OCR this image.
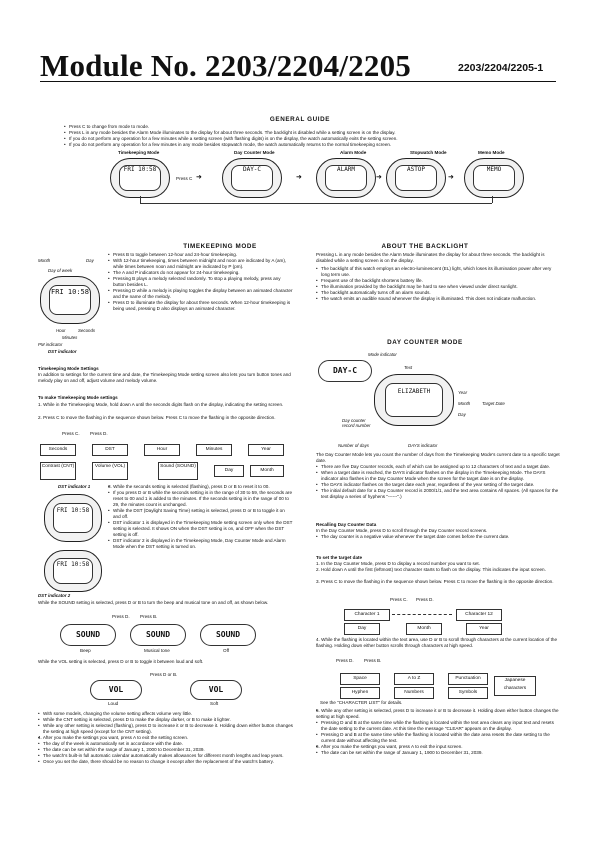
Module No. 2203/2204/2205	2203/2204/2205-1
GENERAL GUIDE
• Press C to change from mode to mode.
• Press L in any mode besides the Alarm Mode illuminates to the display for about three seconds. The backlight is disabled while a setting screen is on the display.
• If you do not perform any operation for a few minutes while a setting screen (with flashing digits) is on the display, the watch automatically exits the setting screen.
• If you do not perform any operation for a few minutes in any mode besides stopwatch mode, the watch automatically returns to the normal timekeeping screen.
Timekeeping Mode	Day Counter Mode	Alarm Mode	Stopwatch Mode	Memo Mode
FRI 10:58
Press C ➜
DAY-C
➜
ALARM
➜
ASTOP
➜
MEMO
TIMEKEEPING MODE
Month	Day
Day of week
FRI 10:58
Hour	Seconds
Minutes
PM indicator
DST indicator
• Press B to toggle between 12-hour and 24-hour timekeeping.
• With 12-hour timekeeping, times between midnight and noon are indicated by A (am), while times between noon and midnight are indicated by P (pm).
• The A and P indicators do not appear for 24-hour timekeeping.
• Pressing B plays a melody selected randomly. To stop a playing melody, press any button besides L.
• Pressing D while a melody is playing toggles the display between an animated character and the name of the melody.
• Press D to illuminate the display for about three seconds. When 12-hour timekeeping is being used, pressing D also displays an animated character.
Timekeeping Mode Settings
In addition to settings for the current time and date, the Timekeeping Mode setting screen also lets you turn button tones and melody play on and off, adjust volume and melody volume.
To make Timekeeping Mode settings
1. While in the Timekeeping Mode, hold down A until the seconds digits flash on the display, indicating the setting screen.
2. Press C to move the flashing in the sequence shown below. Press C to move the flashing in the opposite direction.
Press C. Press D.
Seconds	DST	Hour	Minutes	Year
Contrast (CNT)	Volume (VOL)	Sound (SOUND)
Day	Month
DST indicator 1
FRI 10:58
FRI 10:58
DST indicator 2
• 3. While the seconds setting is selected (flashing), press D or B to reset it to 00.
• If you press D or B while the seconds setting is in the range of 30 to 59, the seconds are reset to 00 and 1 is added to the minutes. If the seconds setting is in the range of 00 to 29, the minutes count is unchanged.
• While the DST (Daylight Saving Time) setting is selected, press D or B to toggle it on and off.
• DST indicator 1 is displayed in the Timekeeping Mode setting screen only when the DST setting is selected. It shows ON when the DST setting is on, and OFF when the DST setting is off.
• DST indicator 2 is displayed in the Timekeeping Mode, Day Counter Mode and Alarm Mode when the DST setting is turned on.
While the SOUND setting is selected, press D or B to turn the beep and musical tone on and off, as shown below.
Press D. Press B.
SOUND	SOUND	SOUND
Beep	Musical tone	Off
While the VOL setting is selected, press D or B to toggle it between loud and soft.
Press D or B.
VOL	VOL
Loud	Soft
• With some models, changing the volume setting affects volume very little.
• While the CNT setting is selected, press D to make the display darker, or B to make it lighter.
• While any other setting is selected (flashing), press D to increase it or B to decrease it. Holding down either button changes the setting at high speed (except for the CNT setting).
• 4. After you make the settings you want, press A to exit the setting screen.
• The day of the week is automatically set in accordance with the date.
• The date can be set within the range of January 1, 2000 to December 31, 2039.
• The watch's built-in full automatic calendar automatically makes allowances for different month lengths and leap years.
• Once you set the date, there should be no reason to change it except after the replacement of the watch's battery.
ABOUT THE BACKLIGHT
Pressing L in any mode besides the Alarm Mode illuminates the display for about three seconds. The backlight is disabled while a setting screen is on the display.
• The backlight of this watch employs an electro-luminescent (EL) light, which loses its illumination power after very long term use.
• Frequent use of the backlight shortens battery life.
• The illumination provided by the backlight may be hard to see when viewed under direct sunlight.
• The backlight automatically turns off an alarm sounds.
• The watch emits an audible sound whenever the display is illuminated. This does not indicate malfunction.
DAY COUNTER MODE
Mode indicator
DAY-C	Text
ELIZABETH	Year
Month
Day
Target Date
Day counter record number
Number of days	DAYS indicator
The Day Counter Mode lets you count the number of days from the Timekeeping Mode's current date to a specific target date.
• There are five Day Counter records, each of which can be assigned up to 12 characters of text and a target date.
• When a target date is reached, the DAYS indicator flashes on the display in the Timekeeping Mode. The DAYS indicator also flashes in the Day Counter Mode when the screen for the target date is on the display.
• The DAYS indicator flashes on the target date each year, regardless of the year setting of the target date.
• The initial default date for a Day Counter record is 2000/1/1, and the text area contains All spaces. (All spaces for the text display a series of hyphens "------".)
Recalling Day Counter Data
In the Day Counter Mode, press D to scroll through the Day Counter record screens.
• The day counter is a negative value whenever the target date comes before the current date.
To set the target date
1. In the Day Counter Mode, press D to display a record number you want to set.
2. Hold down A until the first (leftmost) text character starts to flash on the display. This indicates the input screen.
3. Press C to move the flashing in the sequence shown below. Press C to move the flashing in the opposite direction.
Press C. Press D.
Character 1	Character 12
Day	Month	Year
4. While the flashing is located within the text area, use D or B to scroll through characters at the current location of the flashing. Holding down either button scrolls through characters at high speed.
Press D. Press B.
Space	A to Z	Punctuation
Hyphen	Numbers	Symbols
Japanese characters
See the "CHARACTER LIST" for details.
• 5. While any other setting is selected, press D to increase it or B to decrease it. Holding down either button changes the setting at high speed.
• Pressing D and B at the same time while the flashing is located within the text area clears any input text and resets the date setting to the current date. At this time the message "CLEAR" appears on the display.
• Pressing D and B at the same time while the flashing is located within the date area resets the date setting to the current date without affecting the text.
• 6. After you make the settings you want, press A to exit the input screen.
• The date can be set within the range of January 1, 1900 to December 31, 2039.
